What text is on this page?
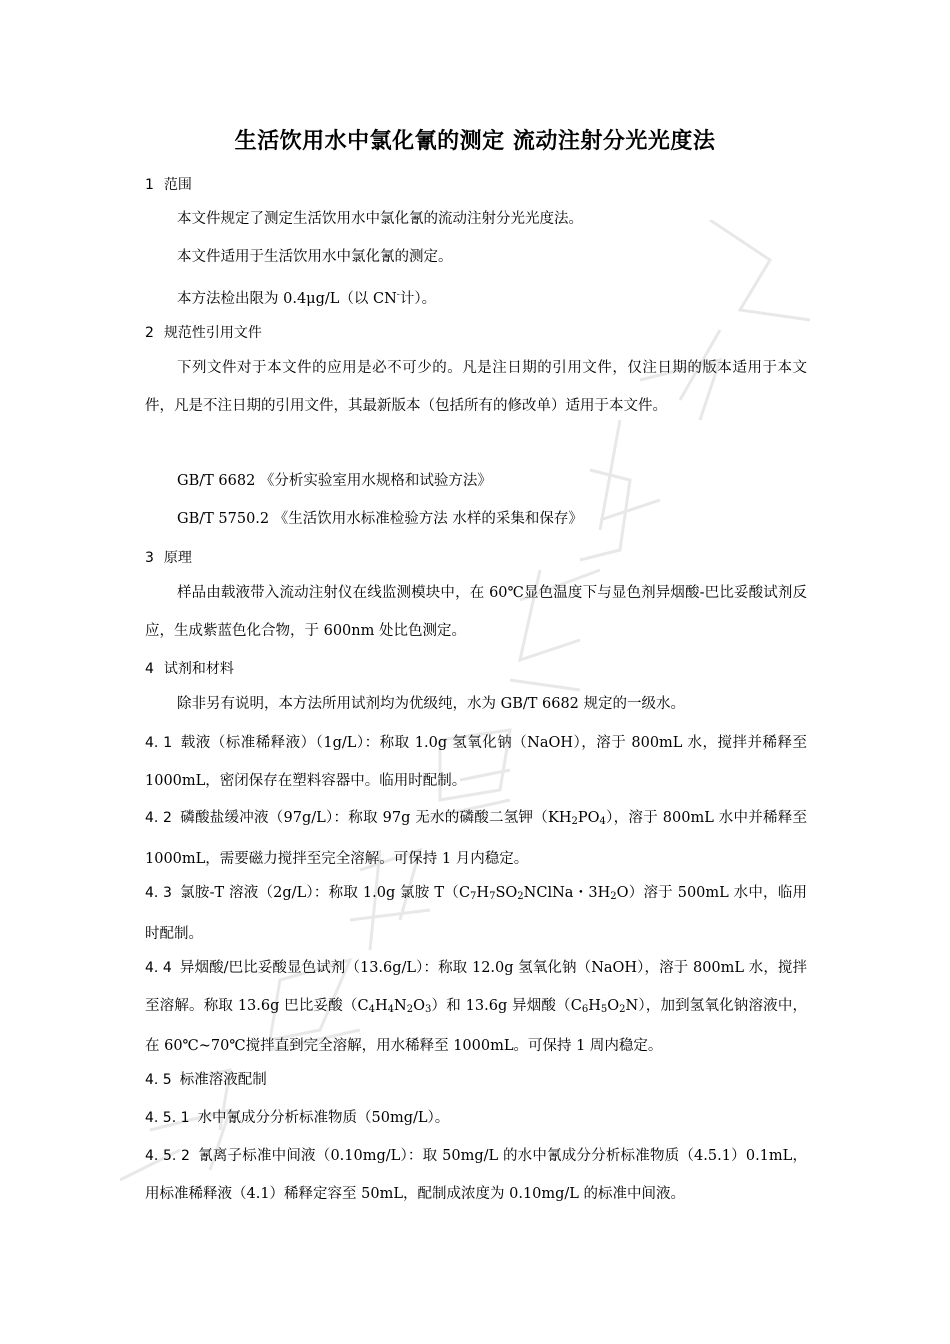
生活饮用水中氯化氰的测定 流动注射分光光度法
1 范围

本文件规定了测定生活饮用水中氯化氰的流动注射分光光度法。

本文件适用于生活饮用水中氯化氰的测定。

本方法检出限为 0.4μg/L（以 CN-计）。

2 规范性引用文件

下列文件对于本文件的应用是必不可少的。凡是注日期的引用文件，仅注日期的版本适用于本文件，凡是不注日期的引用文件，其最新版本（包括所有的修改单）适用于本文件。

GB/T 6682 《分析实验室用水规格和试验方法》

GB/T 5750.2 《生活饮用水标准检验方法 水样的采集和保存》

3 原理

样品由载液带入流动注射仪在线监测模块中，在 60℃显色温度下与显色剂异烟酸-巴比妥酸试剂反应，生成紫蓝色化合物，于 600nm 处比色测定。

4 试剂和材料

除非另有说明，本方法所用试剂均为优级纯，水为 GB/T 6682 规定的一级水。

4. 1 载液（标准稀释液）（1g/L）：称取 1.0g 氢氧化钠（NaOH），溶于 800mL 水，搅拌并稀释至 1000mL，密闭保存在塑料容器中。临用时配制。

4. 2 磷酸盐缓冲液（97g/L）：称取 97g 无水的磷酸二氢钾$(KH_2PO_4)$，溶于 800mL 水中并稀释至 1000mL，需要磁力搅拌至完全溶解。可保持 1 月内稳定。

4. 3 氯胺-T 溶液（2g/L）：称取 1.0g 氯胺 $T(C_7H_7SO_2NClNa$・$3H_2O$）溶于 500mL 水中，临用时配制。

4. 4 异烟酸/巴比妥酸显色试剂（13.6g/L）：称取 12.0g 氢氧化钠（NaOH），溶于 800mL 水，搅拌至溶解。称取 13.6g 巴比妥酸$(C_4H_4N_2O_3)$和 13.6g 异烟酸$(C_6H_5O_2N)$，加到氢氧化钠溶液中，在 60℃~70℃搅拌直到完全溶解，用水稀释至 1000mL。可保持 1 周内稳定。

4. 5 标准溶液配制

4. 5. 1 水中氰成分分析标准物质（50mg/L）。

4. 5. 2 氰离子标准中间液（0.10mg/L）：取 50mg/L 的水中氰成分分析标准物质（4.5.1）0.1mL，用标准稀释液（4.1）稀释定容至 50mL，配制成浓度为 0.10mg/L 的标准中间液。
